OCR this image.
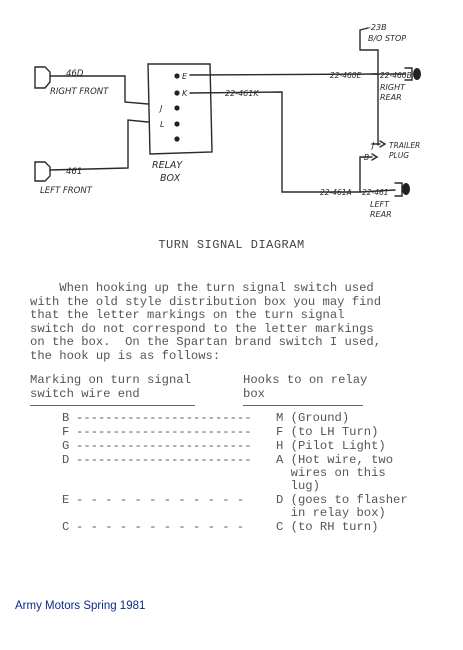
-23B
B/O STOP
46D
RIGHT FRONT
461
LEFT FRONT
E
K
J
L
RELAY
BOX
22-461K
22-460E 22-460B
RIGHT
REAR
J
B
TRAILER
PLUG
22-461A 22-461
LEFT
REAR
TURN SIGNAL DIAGRAM
When hooking up the turn signal switch used
with the old style distribution box you may find
that the letter markings on the turn signal
switch do not correspond to the letter markings
on the box.  On the Spartan brand switch I used,
the hook up is as follows:
Marking on turn signal
switch wire end
Hooks to on relay
box
B ------------------------ M (Ground)
F ------------------------ F (to LH Turn)
G ------------------------ H (Pilot Light)
D ------------------------ A (Hot wire, two
wires on this
lug)
E - - - - - - - - - - - -	D (goes to flasher
in relay box)
C - - - - - - - - - - - -	C (to RH turn)
Army Motors Spring 1981
